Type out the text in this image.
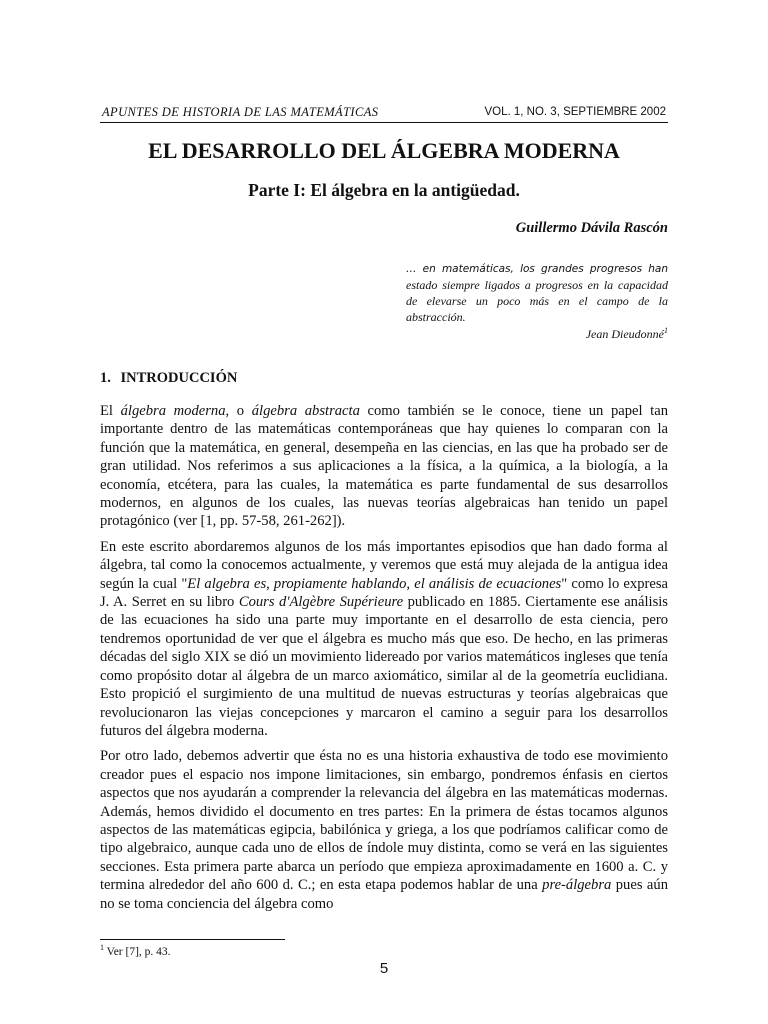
APUNTES DE HISTORIA DE LAS MATEMÁTICAS	VOL. 1, NO. 3, SEPTIEMBRE 2002
EL DESARROLLO DEL ÁLGEBRA MODERNA
Parte I: El álgebra en la antigüedad.
Guillermo Dávila Rascón
… en matemáticas, los grandes progresos han estado siempre ligados a progresos en la capacidad de elevarse un poco más en el campo de la abstracción.
Jean Dieudonné$^1$
1. INTRODUCCIÓN

El álgebra moderna, o álgebra abstracta como también se le conoce, tiene un papel tan importante dentro de las matemáticas contemporáneas que hay quienes lo comparan con la función que la matemática, en general, desempeña en las ciencias, en las que ha probado ser de gran utilidad. Nos referimos a sus aplicaciones a la física, a la química, a la biología, a la economía, etcétera, para las cuales, la matemática es parte fundamental de sus desarrollos modernos, en algunos de los cuales, las nuevas teorías algebraicas han tenido un papel protagónico (ver [1, pp. 57-58, 261-262]).

En este escrito abordaremos algunos de los más importantes episodios que han dado forma al álgebra, tal como la conocemos actualmente, y veremos que está muy alejada de la antigua idea según la cual "El algebra es, propiamente hablando, el análisis de ecuaciones" como lo expresa J. A. Serret en su libro Cours d'Algèbre Supérieure publicado en 1885. Ciertamente ese análisis de las ecuaciones ha sido una parte muy importante en el desarrollo de esta ciencia, pero tendremos oportunidad de ver que el álgebra es mucho más que eso. De hecho, en las primeras décadas del siglo XIX se dió un movimiento lidereado por varios matemáticos ingleses que tenía como propósito dotar al álgebra de un marco axiomático, similar al de la geometría euclidiana. Esto propició el surgimiento de una multitud de nuevas estructuras y teorías algebraicas que revolucionaron las viejas concepciones y marcaron el camino a seguir para los desarrollos futuros del álgebra moderna.

Por otro lado, debemos advertir que ésta no es una historia exhaustiva de todo ese movimiento creador pues el espacio nos impone limitaciones, sin embargo, pondremos énfasis en ciertos aspectos que nos ayudarán a comprender la relevancia del álgebra en las matemáticas modernas. Además, hemos dividido el documento en tres partes: En la primera de éstas tocamos algunos aspectos de las matemáticas egipcia, babilónica y griega, a los que podríamos calificar como de tipo algebraico, aunque cada uno de ellos de índole muy distinta, como se verá en las siguientes secciones. Esta primera parte abarca un período que empieza aproximadamente en 1600 a. C. y termina alrededor del año 600 d. C.; en esta etapa podemos hablar de una pre-álgebra pues aún no se toma conciencia del álgebra como

$^1$ Ver [7], p. 43.
5
